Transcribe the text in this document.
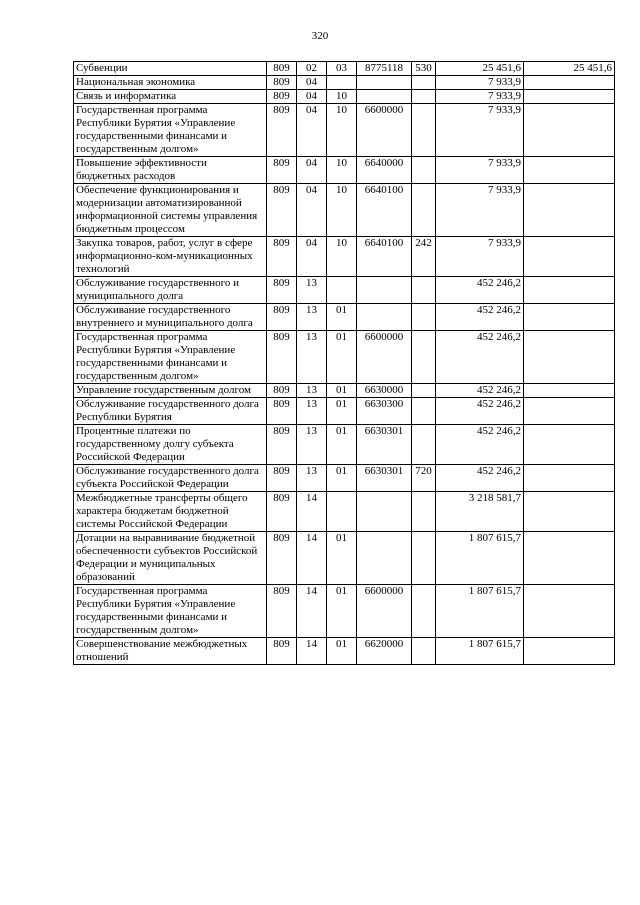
320
Субвенции	809	02	03	8775118	530	25 451,6	25 451,6
Национальная экономика	809	04				7 933,9	
Связь и информатика	809	04	10			7 933,9	
Государственная программа Республики Бурятия «Управление государственными финансами и государственным долгом»	809	04	10	6600000		7 933,9	
Повышение эффективности бюджетных расходов	809	04	10	6640000		7 933,9	
Обеспечение функционирования и модернизации автоматизированной информационной системы управления бюджетным процессом	809	04	10	6640100		7 933,9	
Закупка товаров, работ, услуг в сфере информационно-ком-муникационных технологий	809	04	10	6640100	242	7 933,9	
Обслуживание государственного и муниципального долга	809	13				452 246,2	
Обслуживание государственного внутреннего и муниципального долга	809	13	01			452 246,2	
Государственная программа Республики Бурятия «Управление государственными финансами и государственным долгом»	809	13	01	6600000		452 246,2	
Управление государственным долгом	809	13	01	6630000		452 246,2	
Обслуживание государственного долга Республики Бурятия	809	13	01	6630300		452 246,2	
Процентные платежи по государственному долгу субъекта Российской Федерации	809	13	01	6630301		452 246,2	
Обслуживание государственного долга субъекта Российской Федерации	809	13	01	6630301	720	452 246,2	
Межбюджетные трансферты общего характера бюджетам бюджетной системы Российской Федерации	809	14				3 218 581,7	
Дотации на выравнивание бюджетной обеспеченности субъектов Российской Федерации и муниципальных образований	809	14	01			1 807 615,7	
Государственная программа Республики Бурятия «Управление государственными финансами и государственным долгом»	809	14	01	6600000		1 807 615,7	
Совершенствование межбюджетных отношений	809	14	01	6620000		1 807 615,7	
